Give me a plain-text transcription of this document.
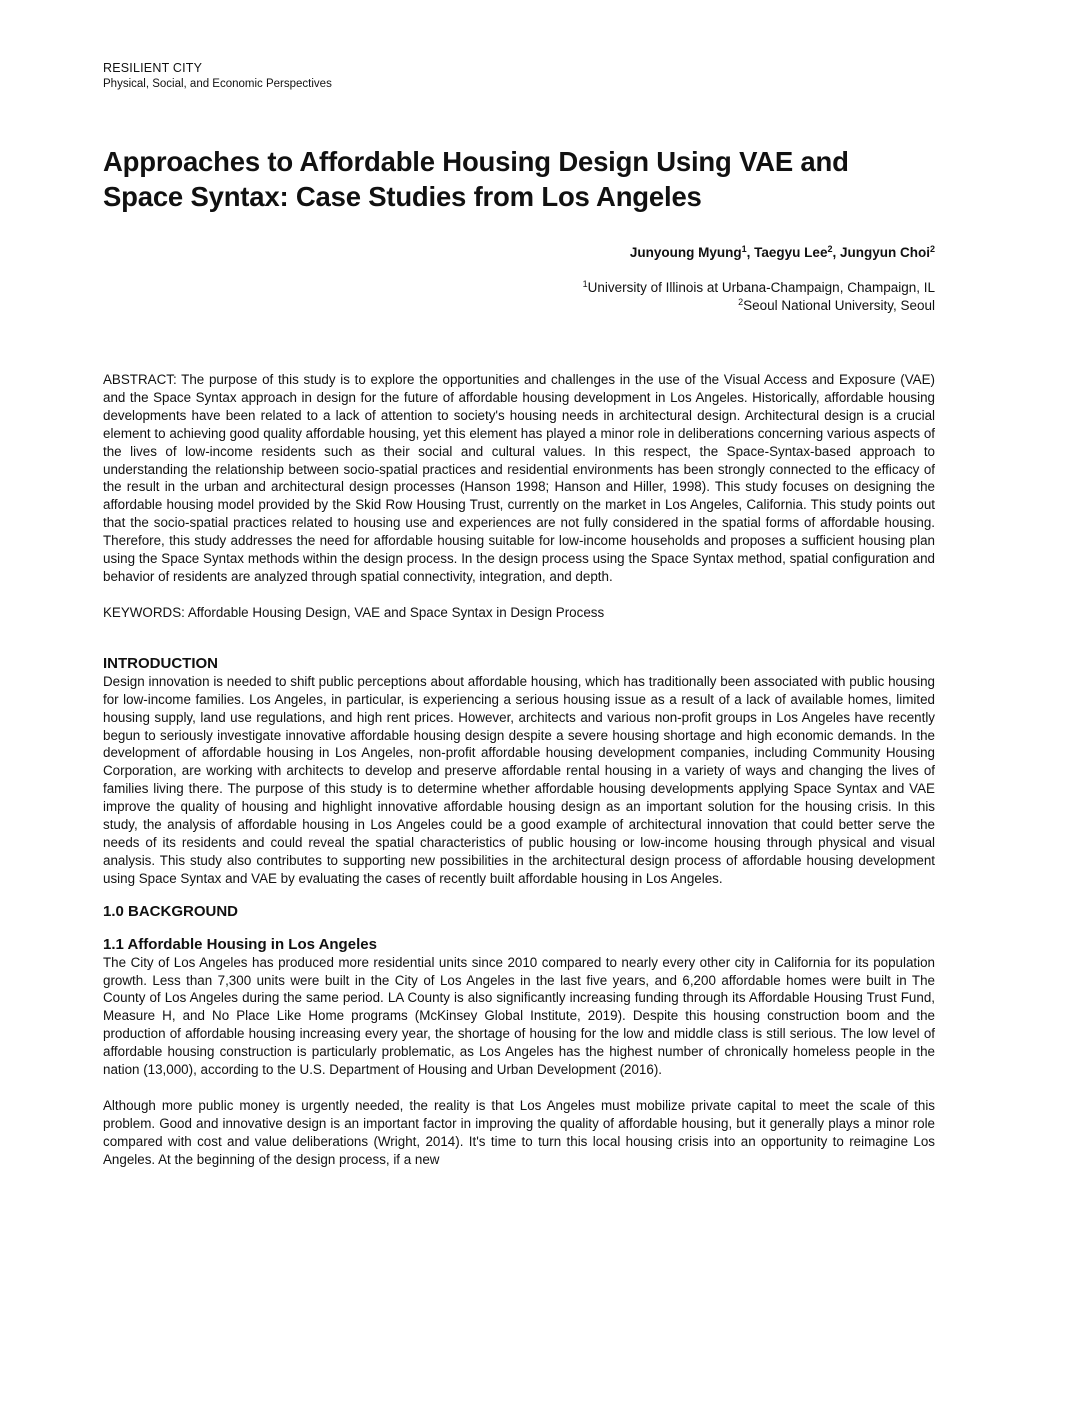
RESILIENT CITY
Physical, Social, and Economic Perspectives
Approaches to Affordable Housing Design Using VAE and Space Syntax: Case Studies from Los Angeles
Junyoung Myung$^1$, Taegyu Lee$^2$, Jungyun Choi$^2$
$^1$University of Illinois at Urbana-Champaign, Champaign, IL
$^2$Seoul National University, Seoul

ABSTRACT: The purpose of this study is to explore the opportunities and challenges in the use of the Visual Access and Exposure (VAE) and the Space Syntax approach in design for the future of affordable housing development in Los Angeles. Historically, affordable housing developments have been related to a lack of attention to society's housing needs in architectural design. Architectural design is a crucial element to achieving good quality affordable housing, yet this element has played a minor role in deliberations concerning various aspects of the lives of low-income residents such as their social and cultural values. In this respect, the Space-Syntax-based approach to understanding the relationship between socio-spatial practices and residential environments has been strongly connected to the efficacy of the result in the urban and architectural design processes (Hanson 1998; Hanson and Hiller, 1998). This study focuses on designing the affordable housing model provided by the Skid Row Housing Trust, currently on the market in Los Angeles, California. This study points out that the socio-spatial practices related to housing use and experiences are not fully considered in the spatial forms of affordable housing. Therefore, this study addresses the need for affordable housing suitable for low-income households and proposes a sufficient housing plan using the Space Syntax methods within the design process. In the design process using the Space Syntax method, spatial configuration and behavior of residents are analyzed through spatial connectivity, integration, and depth.

KEYWORDS: Affordable Housing Design, VAE and Space Syntax in Design Process

INTRODUCTION

Design innovation is needed to shift public perceptions about affordable housing, which has traditionally been associated with public housing for low-income families. Los Angeles, in particular, is experiencing a serious housing issue as a result of a lack of available homes, limited housing supply, land use regulations, and high rent prices. However, architects and various non-profit groups in Los Angeles have recently begun to seriously investigate innovative affordable housing design despite a severe housing shortage and high economic demands. In the development of affordable housing in Los Angeles, non-profit affordable housing development companies, including Community Housing Corporation, are working with architects to develop and preserve affordable rental housing in a variety of ways and changing the lives of families living there. The purpose of this study is to determine whether affordable housing developments applying Space Syntax and VAE improve the quality of housing and highlight innovative affordable housing design as an important solution for the housing crisis. In this study, the analysis of affordable housing in Los Angeles could be a good example of architectural innovation that could better serve the needs of its residents and could reveal the spatial characteristics of public housing or low-income housing through physical and visual analysis. This study also contributes to supporting new possibilities in the architectural design process of affordable housing development using Space Syntax and VAE by evaluating the cases of recently built affordable housing in Los Angeles.

1.0 BACKGROUND
1.1 Affordable Housing in Los Angeles

The City of Los Angeles has produced more residential units since 2010 compared to nearly every other city in California for its population growth. Less than 7,300 units were built in the City of Los Angeles in the last five years, and 6,200 affordable homes were built in The County of Los Angeles during the same period. LA County is also significantly increasing funding through its Affordable Housing Trust Fund, Measure H, and No Place Like Home programs (McKinsey Global Institute, 2019). Despite this housing construction boom and the production of affordable housing increasing every year, the shortage of housing for the low and middle class is still serious. The low level of affordable housing construction is particularly problematic, as Los Angeles has the highest number of chronically homeless people in the nation (13,000), according to the U.S. Department of Housing and Urban Development (2016).

Although more public money is urgently needed, the reality is that Los Angeles must mobilize private capital to meet the scale of this problem. Good and innovative design is an important factor in improving the quality of affordable housing, but it generally plays a minor role compared with cost and value deliberations (Wright, 2014). It's time to turn this local housing crisis into an opportunity to reimagine Los Angeles. At the beginning of the design process, if a new
